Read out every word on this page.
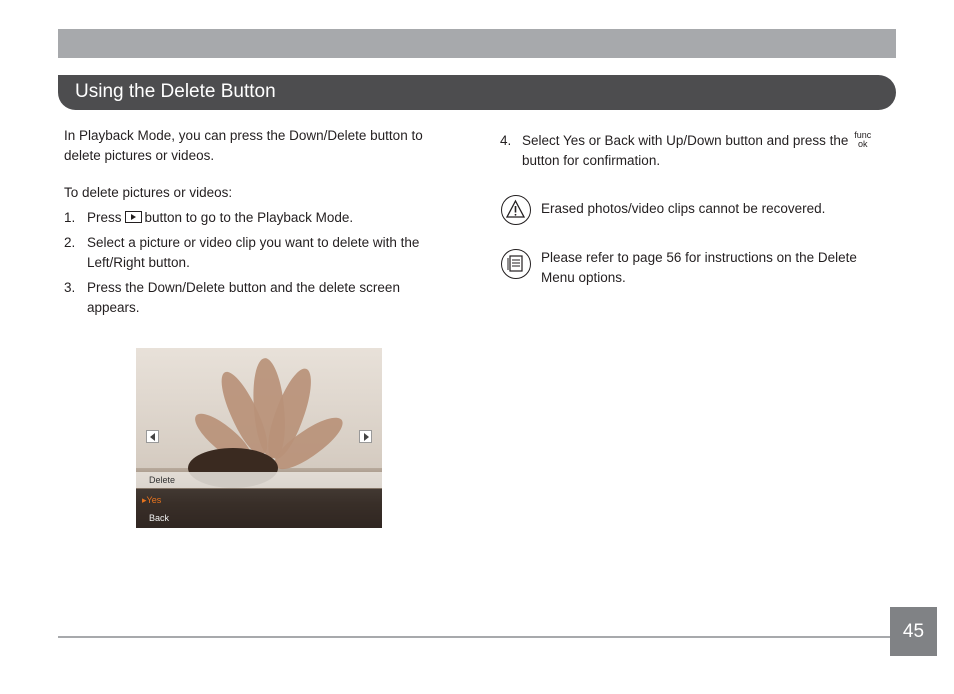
Using the Delete Button
In Playback Mode, you can press the Down/Delete button to delete pictures or videos.
To delete pictures or videos:
1. Press button to go to the Playback Mode.
2. Select a picture or video clip you want to delete with the Left/Right button.
3. Press the Down/Delete button and the delete screen appears.
Delete
▸Yes
Back
4. Select Yes or Back with Up/Down button and press the func
ok
button for confirmation.
Erased photos/video clips cannot be recovered.
Please refer to page 56 for instructions on the Delete Menu options.
45
